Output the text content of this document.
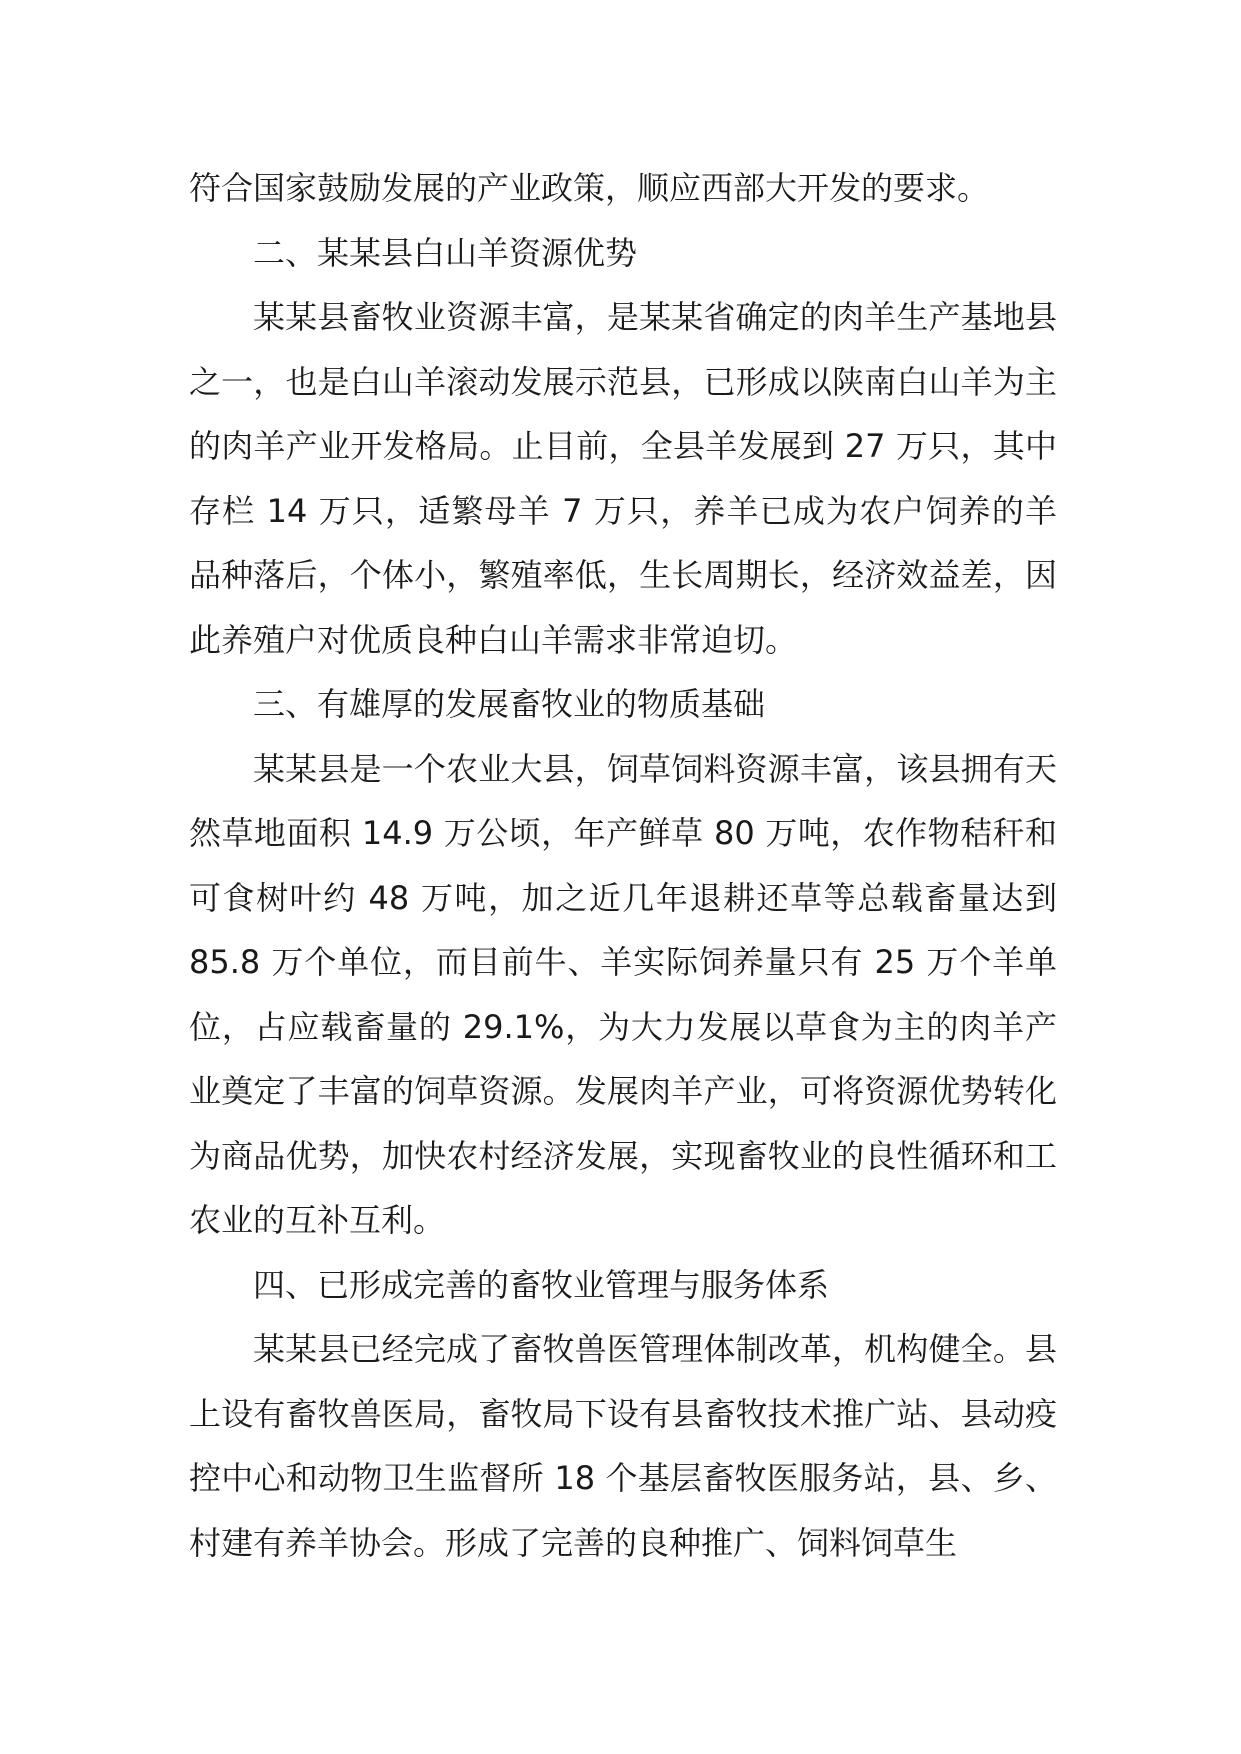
符合国家鼓励发展的产业政策，顺应西部大开发的要求。

二、某某县白山羊资源优势

某某县畜牧业资源丰富，是某某省确定的肉羊生产基地县之一，也是白山羊滚动发展示范县，已形成以陕南白山羊为主的肉羊产业开发格局。止目前，全县羊发展到 27 万只，其中存栏 14 万只，适繁母羊 7 万只，养羊已成为农户饲养的羊品种落后，个体小，繁殖率低，生长周期长，经济效益差，因此养殖户对优质良种白山羊需求非常迫切。

三、有雄厚的发展畜牧业的物质基础

某某县是一个农业大县，饲草饲料资源丰富，该县拥有天然草地面积 14.9 万公顷，年产鲜草 80 万吨，农作物秸秆和可食树叶约 48 万吨，加之近几年退耕还草等总载畜量达到 85.8 万个单位，而目前牛、羊实际饲养量只有 25 万个羊单位，占应载畜量的 29.1%，为大力发展以草食为主的肉羊产业奠定了丰富的饲草资源。发展肉羊产业，可将资源优势转化为商品优势，加快农村经济发展，实现畜牧业的良性循环和工农业的互补互利。

四、已形成完善的畜牧业管理与服务体系

某某县已经完成了畜牧兽医管理体制改革，机构健全。县上设有畜牧兽医局，畜牧局下设有县畜牧技术推广站、县动疫控中心和动物卫生监督所 18 个基层畜牧医服务站，县、乡、村建有养羊协会。形成了完善的良种推广、饲料饲草生
